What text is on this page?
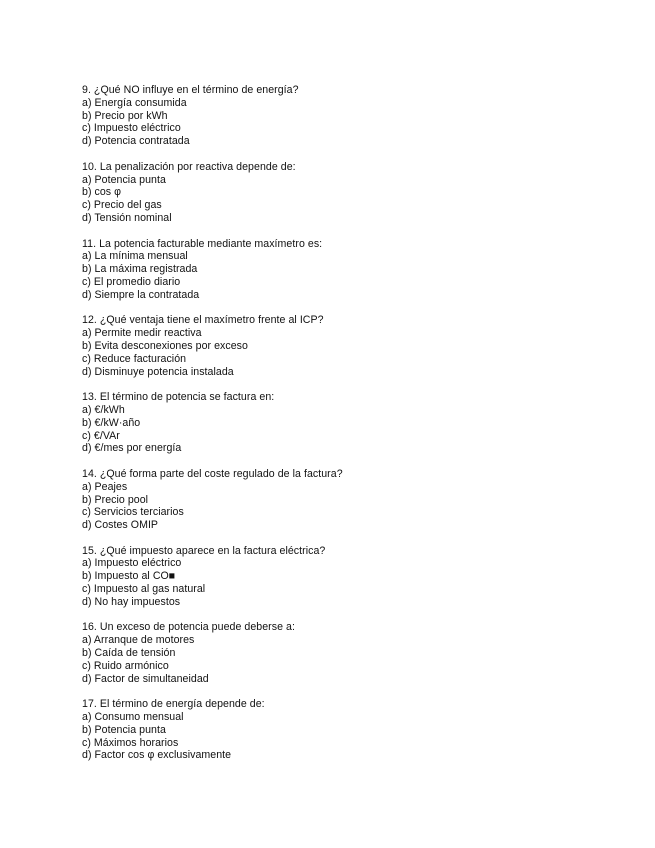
9. ¿Qué NO influye en el término de energía?
a) Energía consumida
b) Precio por kWh
c) Impuesto eléctrico
d) Potencia contratada
10. La penalización por reactiva depende de:
a) Potencia punta
b) cos φ
c) Precio del gas
d) Tensión nominal
11. La potencia facturable mediante maxímetro es:
a) La mínima mensual
b) La máxima registrada
c) El promedio diario
d) Siempre la contratada
12. ¿Qué ventaja tiene el maxímetro frente al ICP?
a) Permite medir reactiva
b) Evita desconexiones por exceso
c) Reduce facturación
d) Disminuye potencia instalada
13. El término de potencia se factura en:
a) €/kWh
b) €/kW·año
c) €/VAr
d) €/mes por energía
14. ¿Qué forma parte del coste regulado de la factura?
a) Peajes
b) Precio pool
c) Servicios terciarios
d) Costes OMIP
15. ¿Qué impuesto aparece en la factura eléctrica?
a) Impuesto eléctrico
b) Impuesto al CO■
c) Impuesto al gas natural
d) No hay impuestos
16. Un exceso de potencia puede deberse a:
a) Arranque de motores
b) Caída de tensión
c) Ruido armónico
d) Factor de simultaneidad
17. El término de energía depende de:
a) Consumo mensual
b) Potencia punta
c) Máximos horarios
d) Factor cos φ exclusivamente
